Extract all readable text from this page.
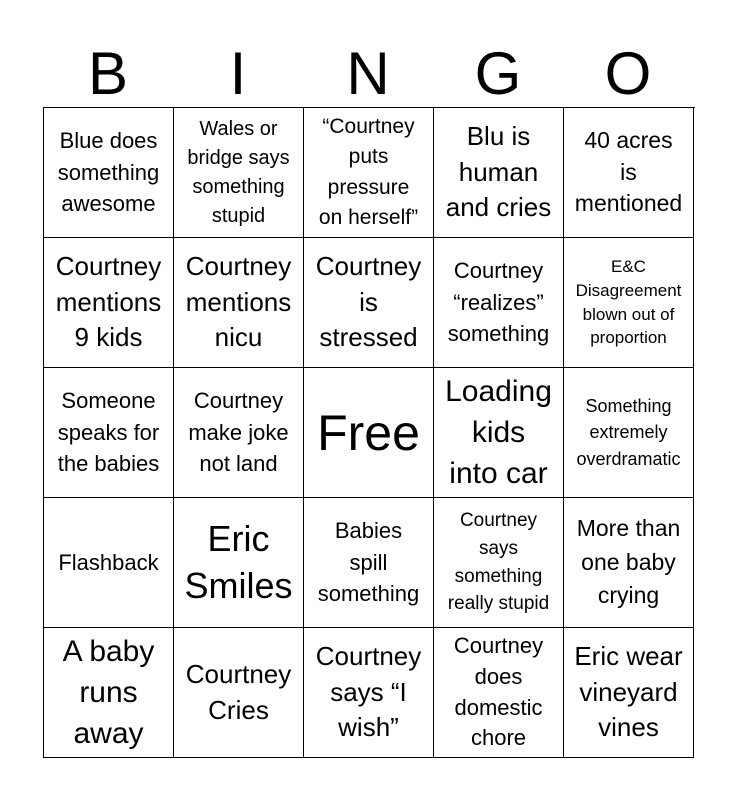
B	I	N	G	O
Blue does
something
awesome
Wales or
bridge says
something
stupid
“Courtney
puts
pressure
on herself”
Blu is
human
and cries
40 acres
is
mentioned
Courtney
mentions
9 kids
Courtney
mentions
nicu
Courtney
is
stressed
Courtney
“realizes”
something
E&C
Disagreement
blown out of
proportion
Someone
speaks for
the babies
Courtney
make joke
not land
Free
Loading
kids
into car
Something
extremely
overdramatic
Flashback
Eric
Smiles
Babies
spill
something
Courtney
says
something
really stupid
More than
one baby
crying
A baby
runs
away
Courtney
Cries
Courtney
says “I
wish”
Courtney
does
domestic
chore
Eric wear
vineyard
vines
